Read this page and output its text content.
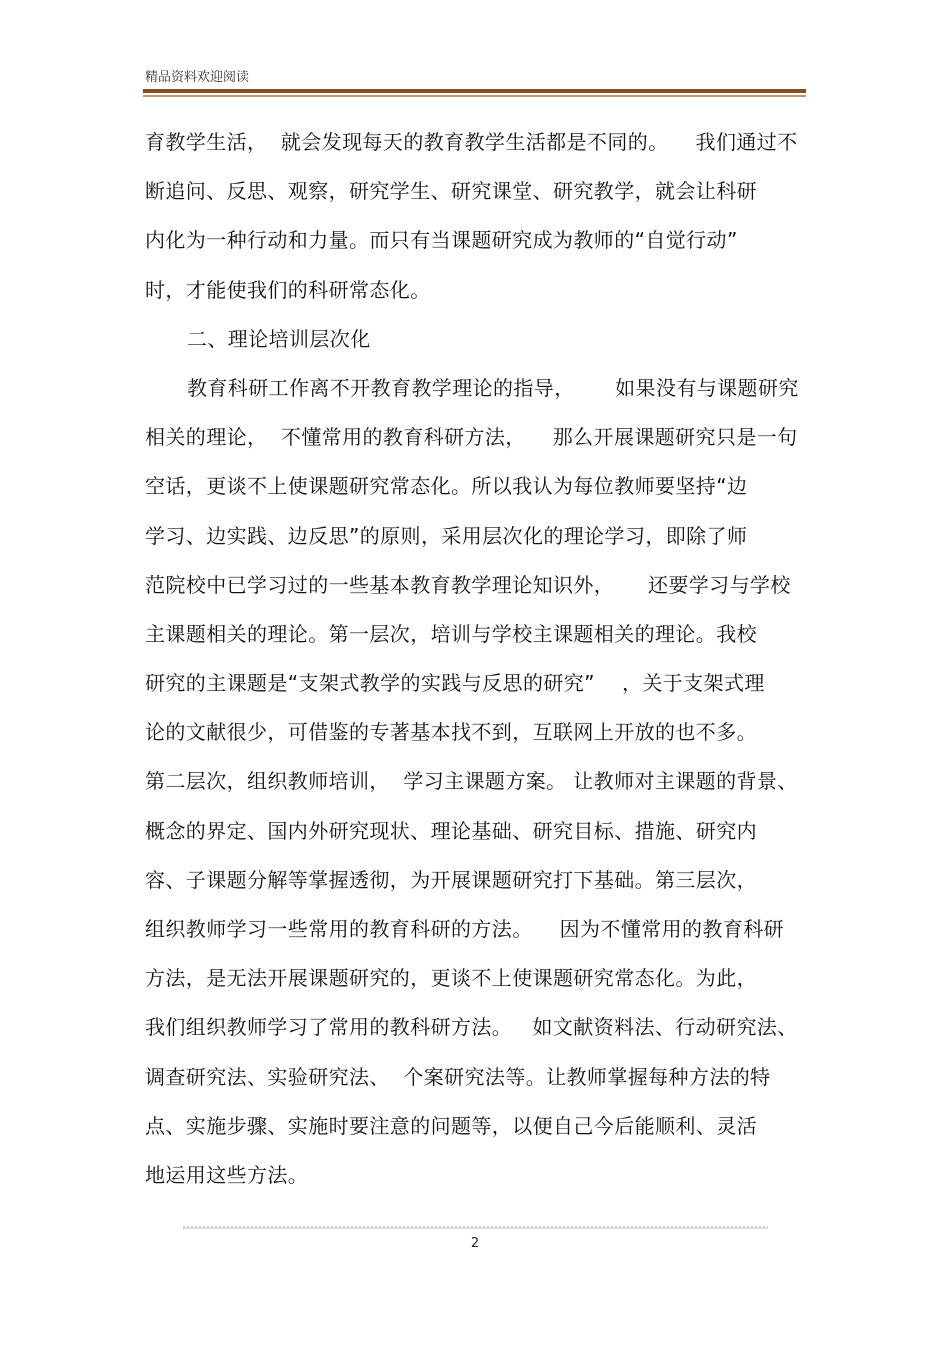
精品资料欢迎阅读
育教学生活，  就会发现每天的教育教学生活都是不同的。    我们通过不
断追问、反思、观察，研究学生、研究课堂、研究教学，就会让科研
内化为一种行动和力量。而只有当课题研究成为教师的“自觉行动”
时，才能使我们的科研常态化。
二、理论培训层次化
教育科研工作离不开教育教学理论的指导，      如果没有与课题研究
相关的理论，  不懂常用的教育科研方法，    那么开展课题研究只是一句
空话，更谈不上使课题研究常态化。所以我认为每位教师要坚持“边
学习、边实践、边反思”的原则，采用层次化的理论学习，即除了师
范院校中已学习过的一些基本教育教学理论知识外，     还要学习与学校
主课题相关的理论。第一层次，培训与学校主课题相关的理论。我校
研究的主课题是“支架式教学的实践与反思的研究”    ，关于支架式理
论的文献很少，可借鉴的专著基本找不到，互联网上开放的也不多。
第二层次，组织教师培训，  学习主课题方案。 让教师对主课题的背景、
概念的界定、国内外研究现状、理论基础、研究目标、措施、研究内
容、子课题分解等掌握透彻，为开展课题研究打下基础。第三层次，
组织教师学习一些常用的教育科研的方法。    因为不懂常用的教育科研
方法，是无法开展课题研究的，更谈不上使课题研究常态化。为此，
我们组织教师学习了常用的教科研方法。   如文献资料法、行动研究法、
调查研究法、实验研究法、  个案研究法等。让教师掌握每种方法的特
点、实施步骤、实施时要注意的问题等，以便自己今后能顺利、灵活
地运用这些方法。
2
